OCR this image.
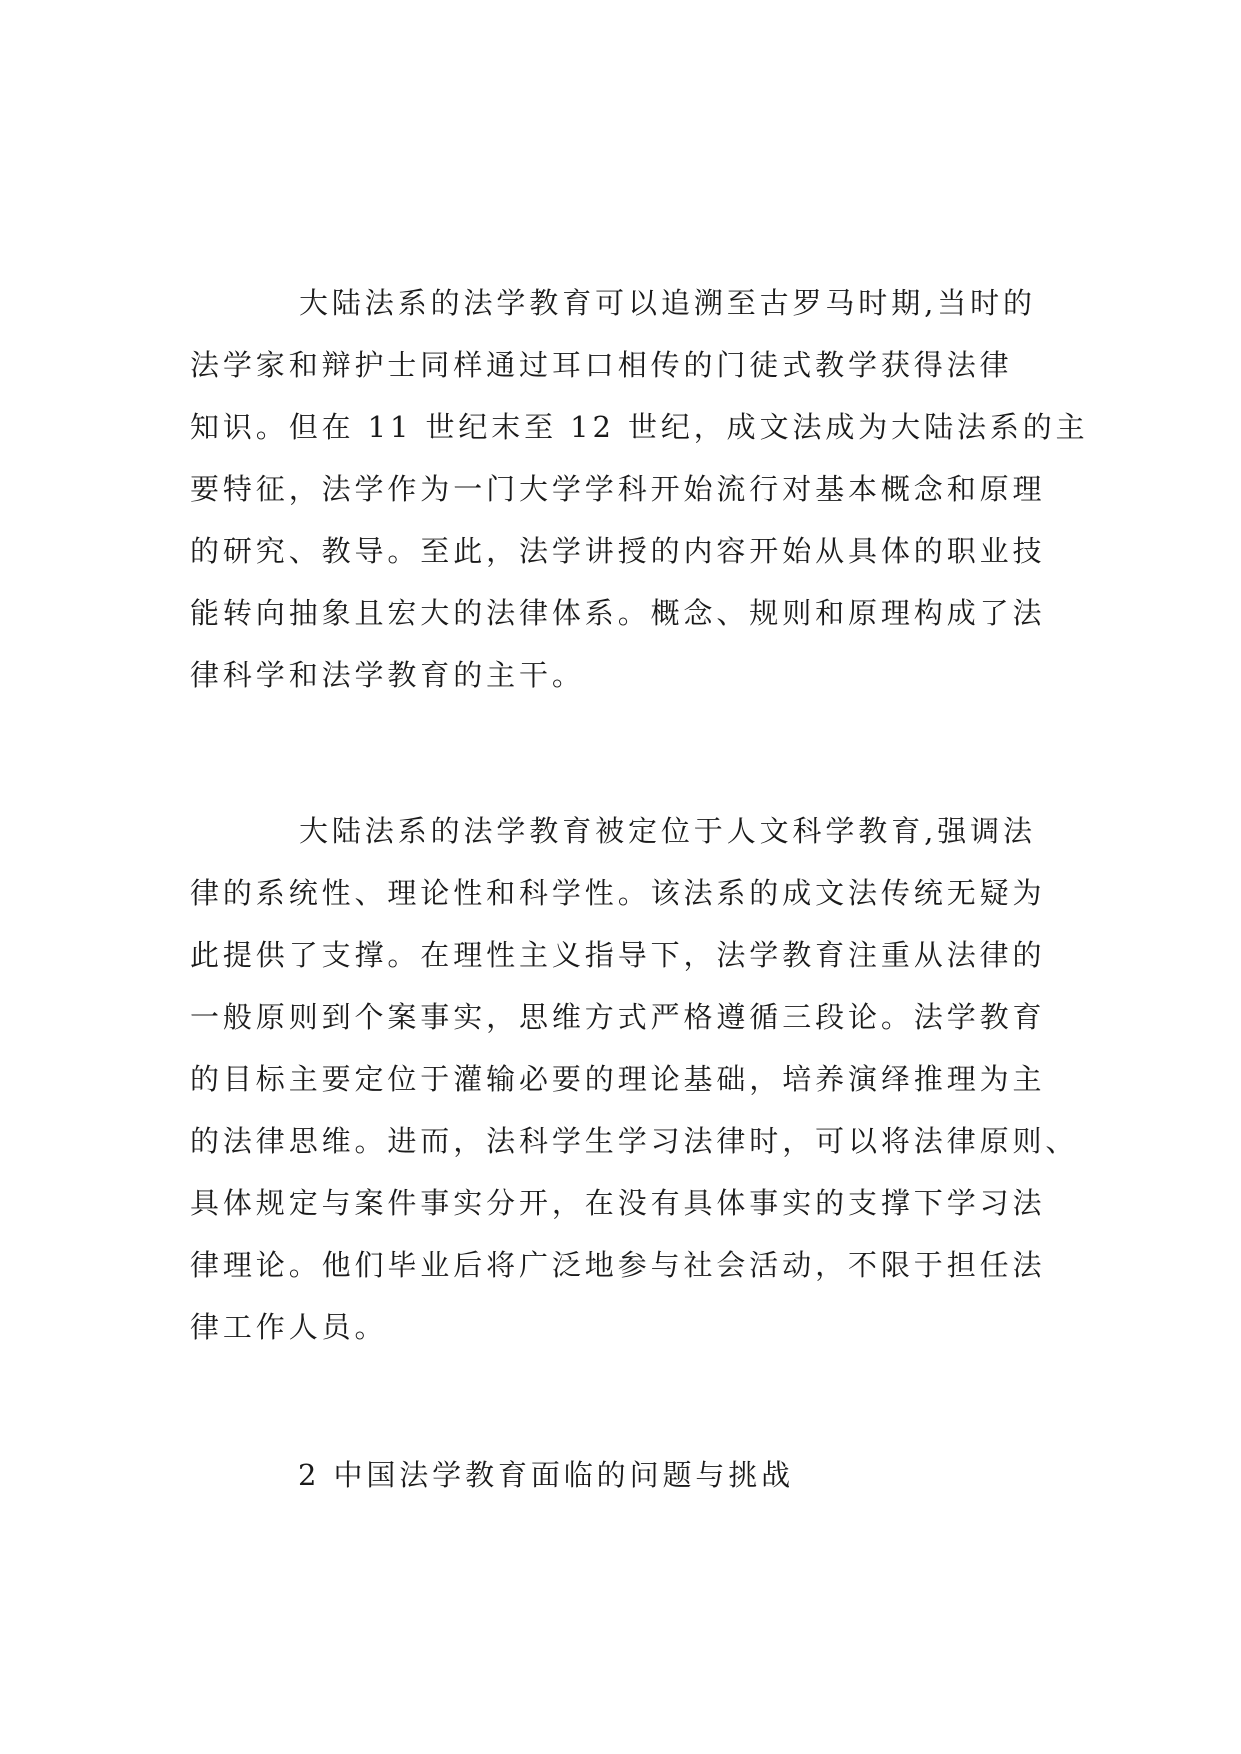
大陆法系的法学教育可以追溯至古罗马时期,当时的
法学家和辩护士同样通过耳口相传的门徒式教学获得法律
知识。但在 11 世纪末至 12 世纪，成文法成为大陆法系的主
要特征，法学作为一门大学学科开始流行对基本概念和原理
的研究、教导。至此，法学讲授的内容开始从具体的职业技
能转向抽象且宏大的法律体系。概念、规则和原理构成了法
律科学和法学教育的主干。
大陆法系的法学教育被定位于人文科学教育,强调法
律的系统性、理论性和科学性。该法系的成文法传统无疑为
此提供了支撑。在理性主义指导下，法学教育注重从法律的
一般原则到个案事实，思维方式严格遵循三段论。法学教育
的目标主要定位于灌输必要的理论基础，培养演绎推理为主
的法律思维。进而，法科学生学习法律时，可以将法律原则、
具体规定与案件事实分开，在没有具体事实的支撑下学习法
律理论。他们毕业后将广泛地参与社会活动，不限于担任法
律工作人员。
2 中国法学教育面临的问题与挑战
